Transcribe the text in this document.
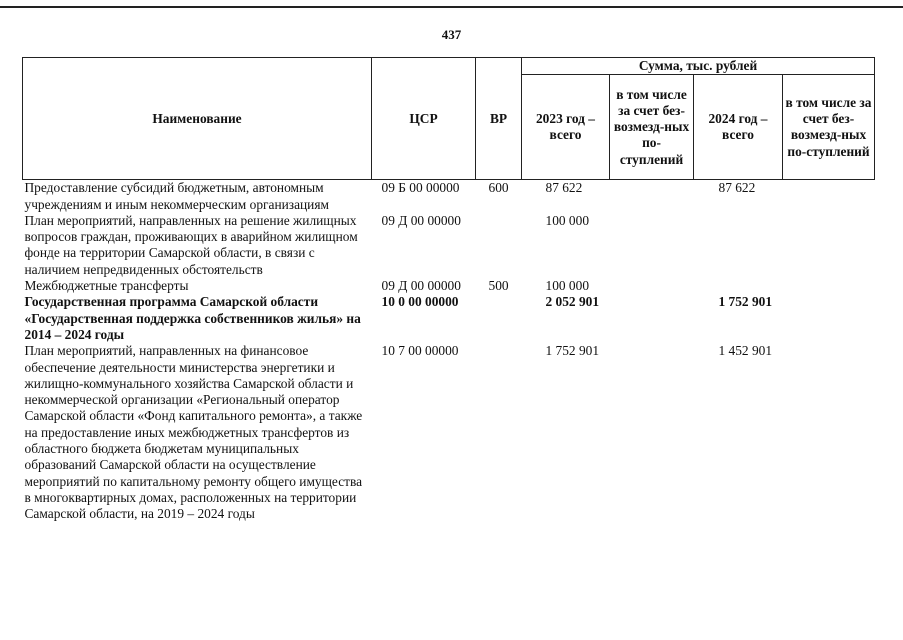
437
Наименование	ЦСР	ВР	Сумма, тыс. рублей			
			2023 год – всего	в том числе за счет без-возмезд-ных по-ступлений	2024 год – всего	в том числе за счет без-возмезд-ных по-ступлений
Предоставление субсидий бюджетным, автономным учреждениям и иным некоммерческим организациям	09 Б 00 00000	600	87 622		87 622	
План мероприятий, направленных на решение жилищных вопросов граждан, проживающих в аварийном жилищном фонде на территории Самарской области, в связи с наличием непредвиденных обстоятельств	09 Д 00 00000		100 000			
Межбюджетные трансферты	09 Д 00 00000	500	100 000			
Государственная программа Самарской области «Государственная поддержка собственников жилья» на 2014 – 2024 годы	10 0 00 00000		2 052 901		1 752 901	
План мероприятий, направленных на финансовое обеспечение деятельности министерства энергетики и жилищно-коммунального хозяйства Самарской области и некоммерческой организации «Региональный оператор Самарской области «Фонд капитального ремонта», а также на предоставление иных межбюджетных трансфертов из областного бюджета бюджетам муниципальных образований Самарской области на осуществление мероприятий по капитальному ремонту общего имущества в многоквартирных домах, расположенных на территории Самарской области, на 2019 – 2024 годы	10 7 00 00000		1 752 901		1 452 901	
